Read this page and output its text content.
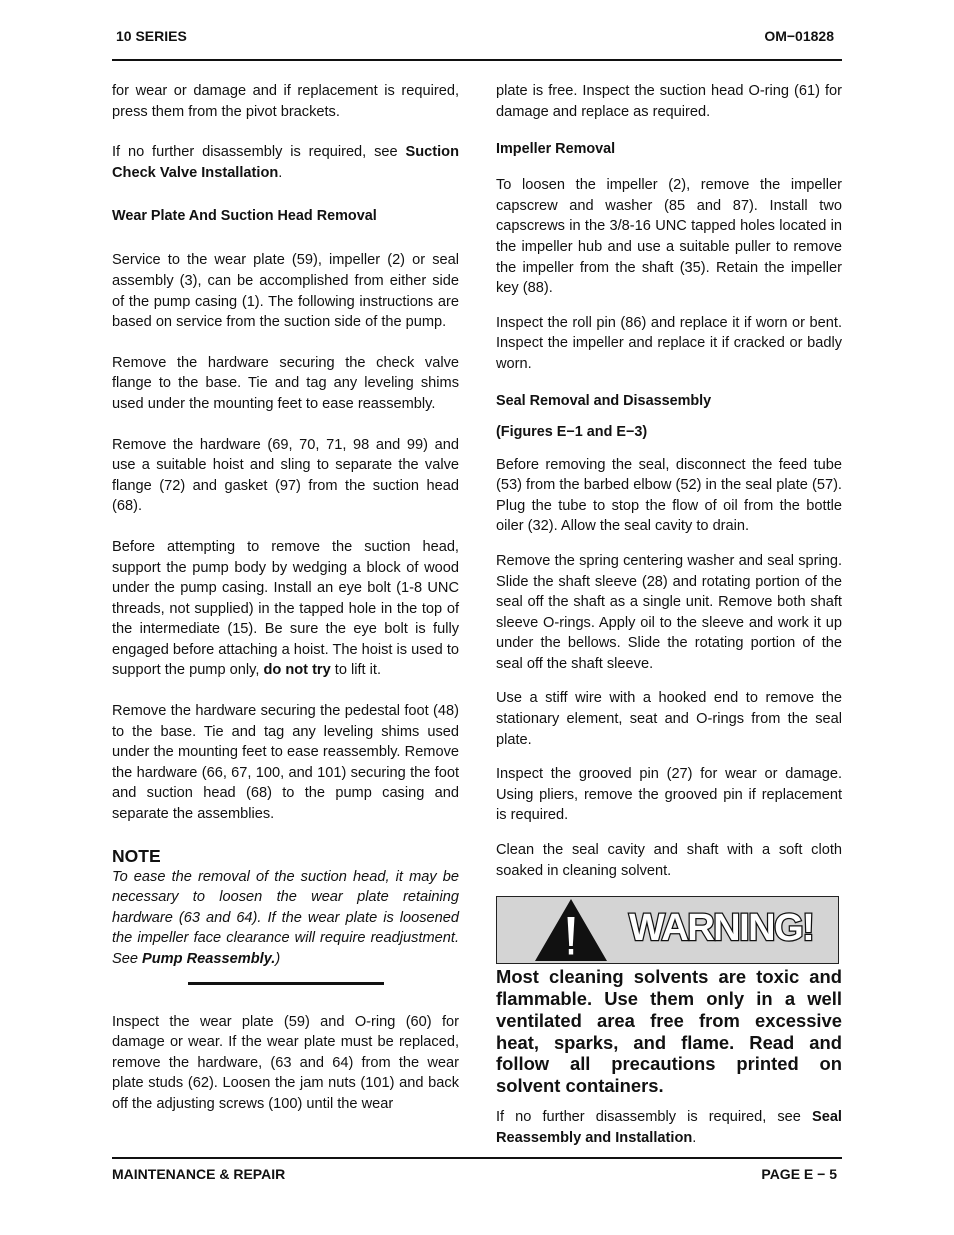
10 SERIES	OM−01828

for wear or damage and if replacement is required, press them from the pivot brackets.

If no further disassembly is required, see Suction Check Valve Installation.

Wear Plate And Suction Head Removal

Service to the wear plate (59), impeller (2) or seal assembly (3), can be accomplished from either side of the pump casing (1). The following instructions are based on service from the suction side of the pump.

Remove the hardware securing the check valve flange to the base. Tie and tag any leveling shims used under the mounting feet to ease reassembly.

Remove the hardware (69, 70, 71, 98 and 99) and use a suitable hoist and sling to separate the valve flange (72) and gasket (97) from the suction head (68).

Before attempting to remove the suction head, support the pump body by wedging a block of wood under the pump casing. Install an eye bolt (1-8 UNC threads, not supplied) in the tapped hole in the top of the intermediate (15). Be sure the eye bolt is fully engaged before attaching a hoist. The hoist is used to support the pump only, do not try to lift it.

Remove the hardware securing the pedestal foot (48) to the base. Tie and tag any leveling shims used under the mounting feet to ease reassembly. Remove the hardware (66, 67, 100, and 101) securing the foot and suction head (68) to the pump casing and separate the assemblies.

NOTE

To ease the removal of the suction head, it may be necessary to loosen the wear plate retaining hardware (63 and 64). If the wear plate is loosened the impeller face clearance will require readjustment. See Pump Reassembly.)

Inspect the wear plate (59) and O-ring (60) for damage or wear. If the wear plate must be replaced, remove the hardware, (63 and 64) from the wear plate studs (62). Loosen the jam nuts (101) and back off the adjusting screws (100) until the wear

plate is free. Inspect the suction head O-ring (61) for damage and replace as required.

Impeller Removal

To loosen the impeller (2), remove the impeller capscrew and washer (85 and 87). Install two capscrews in the 3/8-16 UNC tapped holes located in the impeller hub and use a suitable puller to remove the impeller from the shaft (35). Retain the impeller key (88).

Inspect the roll pin (86) and replace it if worn or bent. Inspect the impeller and replace it if cracked or badly worn.

Seal Removal and Disassembly
(Figures E−1 and E−3)

Before removing the seal, disconnect the feed tube (53) from the barbed elbow (52) in the seal plate (57). Plug the tube to stop the flow of oil from the bottle oiler (32). Allow the seal cavity to drain.

Remove the spring centering washer and seal spring. Slide the shaft sleeve (28) and rotating portion of the seal off the shaft as a single unit. Remove both shaft sleeve O-rings. Apply oil to the sleeve and work it up under the bellows. Slide the rotating portion of the seal off the shaft sleeve.

Use a stiff wire with a hooked end to remove the stationary element, seat and O-rings from the seal plate.

Inspect the grooved pin (27) for wear or damage. Using pliers, remove the grooved pin if replacement is required.

Clean the seal cavity and shaft with a soft cloth soaked in cleaning solvent.

WARNING!

Most cleaning solvents are toxic and flammable. Use them only in a well ventilated area free from excessive heat, sparks, and flame. Read and follow all precautions printed on solvent containers.

If no further disassembly is required, see Seal Reassembly and Installation.

MAINTENANCE & REPAIR	PAGE E − 5
